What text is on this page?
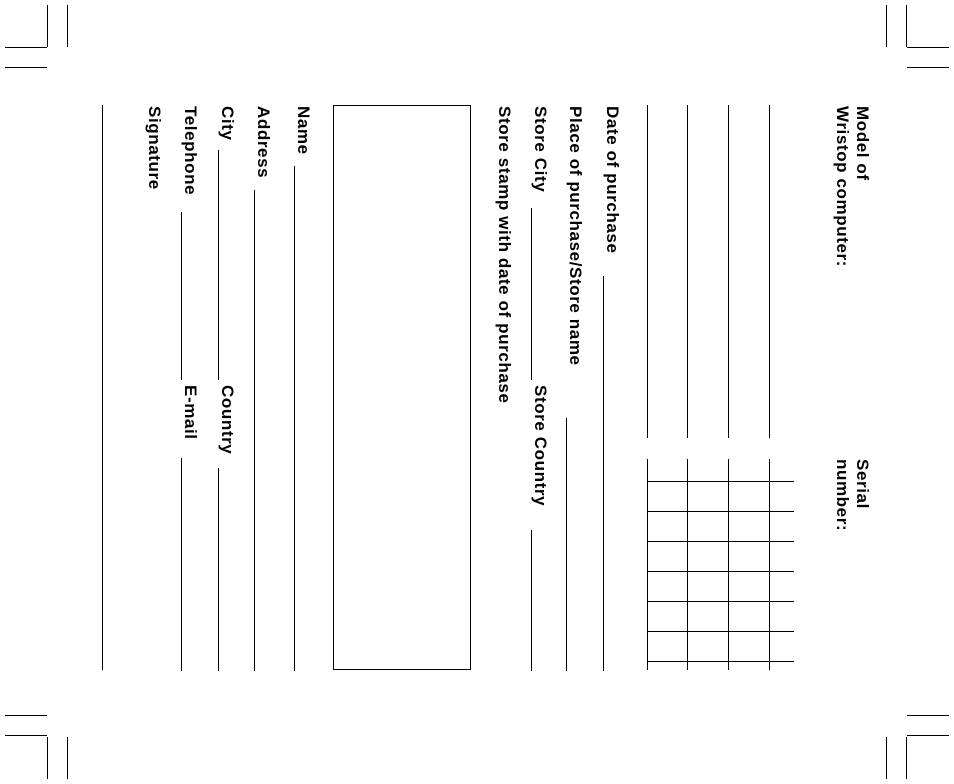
Model of
Wristop computer:
Serial
number:
Date of purchase
Place of purchase/Store name
Store City
Store Country
Store stamp with date of purchase
Name
Address
City
Country
Telephone
E-mail
Signature
